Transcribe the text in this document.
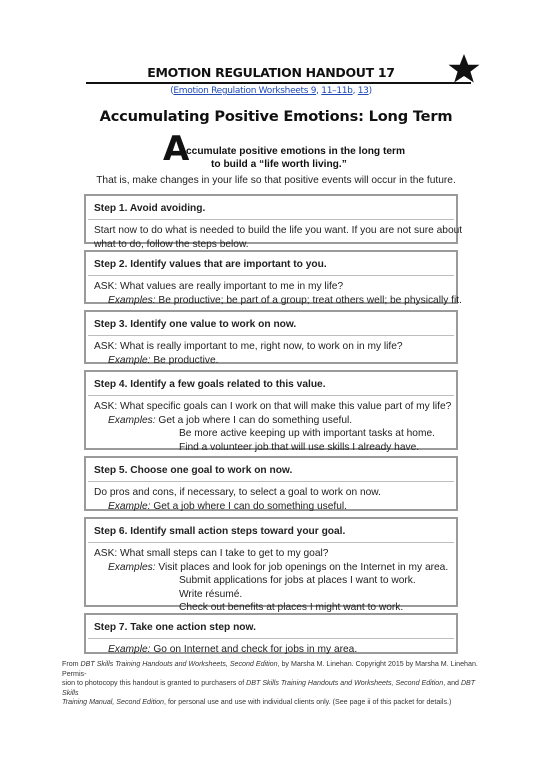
EMOTION REGULATION HANDOUT 17
(Emotion Regulation Worksheets 9, 11–11b, 13)
Accumulating Positive Emotions: Long Term
A
ccumulate positive emotions in the long term
to build a “life worth living.”
That is, make changes in your life so that positive events will occur in the future.
Step 1. Avoid avoiding.
Start now to do what is needed to build the life you want. If you are not sure about
what to do, follow the steps below.
Step 2. Identify values that are important to you.
ASK: What values are really important to me in my life?
Examples: Be productive; be part of a group; treat others well; be physically fit.
Step 3. Identify one value to work on now.
ASK: What is really important to me, right now, to work on in my life?
Example: Be productive.
Step 4. Identify a few goals related to this value.
ASK: What specific goals can I work on that will make this value part of my life?
Examples: Get a job where I can do something useful.
Be more active keeping up with important tasks at home.
Find a volunteer job that will use skills I already have.
Step 5. Choose one goal to work on now.
Do pros and cons, if necessary, to select a goal to work on now.
Example: Get a job where I can do something useful.
Step 6. Identify small action steps toward your goal.
ASK: What small steps can I take to get to my goal?
Examples: Visit places and look for job openings on the Internet in my area.
Submit applications for jobs at places I want to work.
Write résumé.
Check out benefits at places I might want to work.
Step 7. Take one action step now.
Example: Go on Internet and check for jobs in my area.
From DBT Skills Training Handouts and Worksheets, Second Edition, by Marsha M. Linehan. Copyright 2015 by Marsha M. Linehan. Permis-
sion to photocopy this handout is granted to purchasers of DBT Skills Training Handouts and Worksheets, Second Edition, and DBT Skills
Training Manual, Second Edition, for personal use and use with individual clients only. (See page ii of this packet for details.)
